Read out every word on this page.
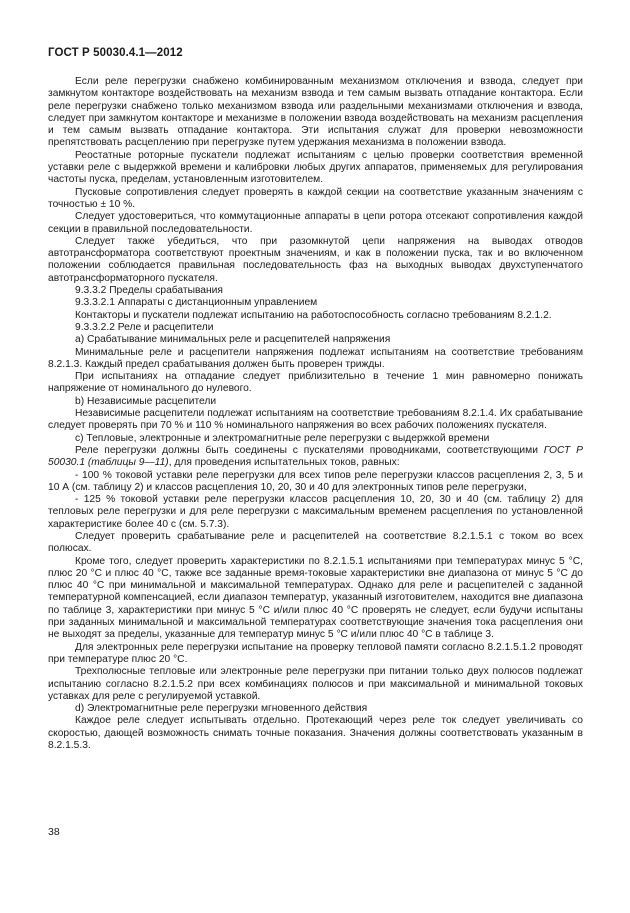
ГОСТ Р 50030.4.1—2012

Если реле перегрузки снабжено комбинированным механизмом отключения и взвода, следует при замкнутом контакторе воздействовать на механизм взвода и тем самым вызвать отпадание контактора. Если реле перегрузки снабжено только механизмом взвода или раздельными механизмами отключения и взвода, следует при замкнутом контакторе и механизме в положении взвода воздействовать на механизм расцепления и тем самым вызвать отпадание контактора. Эти испытания служат для проверки невозможности препятствовать расцеплению при перегрузке путем удержания механизма в положении взвода.

Реостатные роторные пускатели подлежат испытаниям с целью проверки соответствия временной уставки реле с выдержкой времени и калибровки любых других аппаратов, применяемых для регулирования частоты пуска, пределам, установленным изготовителем.

Пусковые сопротивления следует проверять в каждой секции на соответствие указанным значениям с точностью ± 10 %.

Следует удостовериться, что коммутационные аппараты в цепи ротора отсекают сопротивления каждой секции в правильной последовательности.

Следует также убедиться, что при разомкнутой цепи напряжения на выводах отводов автотрансформатора соответствуют проектным значениям, и как в положении пуска, так и во включенном положении соблюдается правильная последовательность фаз на выходных выводах двухступенчатого автотрансформаторного пускателя.

9.3.3.2 Пределы срабатывания

9.3.3.2.1 Аппараты с дистанционным управлением

Контакторы и пускатели подлежат испытанию на работоспособность согласно требованиям 8.2.1.2.

9.3.3.2.2 Реле и расцепители

a) Срабатывание минимальных реле и расцепителей напряжения

Минимальные реле и расцепители напряжения подлежат испытаниям на соответствие требованиям 8.2.1.3. Каждый предел срабатывания должен быть проверен трижды.

При испытаниях на отпадание следует приблизительно в течение 1 мин равномерно понижать напряжение от номинального до нулевого.

b) Независимые расцепители

Независимые расцепители подлежат испытаниям на соответствие требованиям 8.2.1.4. Их срабатывание следует проверять при 70 % и 110 % номинального напряжения во всех рабочих положениях пускателя.

c) Тепловые, электронные и электромагнитные реле перегрузки с выдержкой времени

Реле перегрузки должны быть соединены с пускателями проводниками, соответствующими ГОСТ Р 50030.1 (таблицы 9—11), для проведения испытательных токов, равных:

- 100 % токовой уставки реле перегрузки для всех типов реле перегрузки классов расцепления 2, 3, 5 и 10 А (см. таблицу 2) и классов расцепления 10, 20, 30 и 40 для электронных типов реле перегрузки,

- 125 % токовой уставки реле перегрузки классов расцепления 10, 20, 30 и 40 (см. таблицу 2) для тепловых реле перегрузки и для реле перегрузки с максимальным временем расцепления по установленной характеристике более 40 с (см. 5.7.3).

Следует проверить срабатывание реле и расцепителей на соответствие 8.2.1.5.1 с током во всех полюсах.

Кроме того, следует проверить характеристики по 8.2.1.5.1 испытаниями при температурах минус 5 °С, плюс 20 °С и плюс 40 °С, также все заданные время-токовые характеристики вне диапазона от минус 5 °С до плюс 40 °С при минимальной и максимальной температурах. Однако для реле и расцепителей с заданной температурной компенсацией, если диапазон температур, указанный изготовителем, находится вне диапазона по таблице 3, характеристики при минус 5 °С и/или плюс 40 °С проверять не следует, если будучи испытаны при заданных минимальной и максимальной температурах соответствующие значения тока расцепления они не выходят за пределы, указанные для температур минус 5 °С и/или плюс 40 °С в таблице 3.

Для электронных реле перегрузки испытание на проверку тепловой памяти согласно 8.2.1.5.1.2 проводят при температуре плюс 20 °С.

Трехполюсные тепловые или электронные реле перегрузки при питании только двух полюсов подлежат испытанию согласно 8.2.1.5.2 при всех комбинациях полюсов и при максимальной и минимальной токовых уставках для реле с регулируемой уставкой.

d) Электромагнитные реле перегрузки мгновенного действия

Каждое реле следует испытывать отдельно. Протекающий через реле ток следует увеличивать со скоростью, дающей возможность снимать точные показания. Значения должны соответствовать указанным в 8.2.1.5.3.

38
